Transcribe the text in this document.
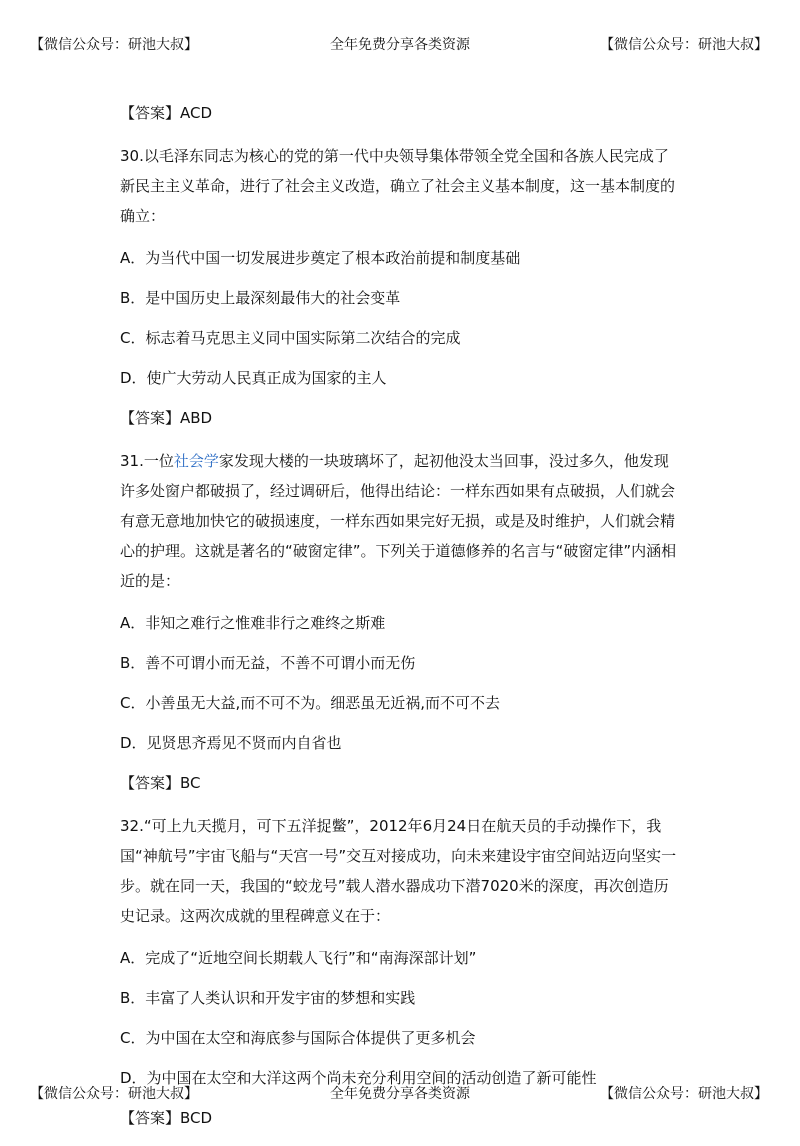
【微信公众号：研池大叔】	全年免费分享各类资源	【微信公众号：研池大叔】

【答案】ACD

30.以毛泽东同志为核心的党的第一代中央领导集体带领全党全国和各族人民完成了新民主主义革命，进行了社会主义改造，确立了社会主义基本制度，这一基本制度的确立：

A．为当代中国一切发展进步奠定了根本政治前提和制度基础

B．是中国历史上最深刻最伟大的社会变革

C．标志着马克思主义同中国实际第二次结合的完成

D．使广大劳动人民真正成为国家的主人

【答案】ABD

31.一位社会学家发现大楼的一块玻璃坏了，起初他没太当回事，没过多久，他发现许多处窗户都破损了，经过调研后，他得出结论：一样东西如果有点破损，人们就会有意无意地加快它的破损速度，一样东西如果完好无损，或是及时维护，人们就会精心的护理。这就是著名的“破窗定律”。下列关于道德修养的名言与“破窗定律”内涵相近的是：

A．非知之难行之惟难非行之难终之斯难

B．善不可谓小而无益，不善不可谓小而无伤

C．小善虽无大益,而不可不为。细恶虽无近祸,而不可不去

D．见贤思齐焉见不贤而内自省也

【答案】BC

32.“可上九天揽月，可下五洋捉鳖”，2012年6月24日在航天员的手动操作下，我国“神航号”宇宙飞船与“天宫一号”交互对接成功，向未来建设宇宙空间站迈向坚实一步。就在同一天，我国的“蛟龙号”载人潜水器成功下潜7020米的深度，再次创造历史记录。这两次成就的里程碑意义在于：

A．完成了“近地空间长期载人飞行”和“南海深部计划”

B．丰富了人类认识和开发宇宙的梦想和实践

C．为中国在太空和海底参与国际合体提供了更多机会

D．为中国在太空和大洋这两个尚未充分利用空间的活动创造了新可能性

【答案】BCD

【微信公众号：研池大叔】	全年免费分享各类资源	【微信公众号：研池大叔】
